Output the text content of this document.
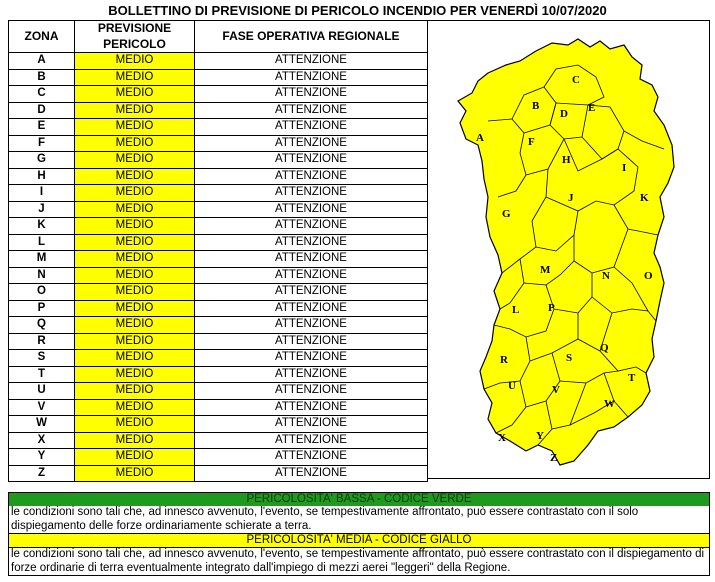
BOLLETTINO DI PREVISIONE DI PERICOLO INCENDIO PER VENERDÌ 10/07/2020
ZONA	PREVISIONE	FASE OPERATIVA REGIONALE
	PERICOLO	
A	MEDIO	ATTENZIONE
B	MEDIO	ATTENZIONE
C	MEDIO	ATTENZIONE
D	MEDIO	ATTENZIONE
E	MEDIO	ATTENZIONE
F	MEDIO	ATTENZIONE
G	MEDIO	ATTENZIONE
H	MEDIO	ATTENZIONE
I	MEDIO	ATTENZIONE
J	MEDIO	ATTENZIONE
K	MEDIO	ATTENZIONE
L	MEDIO	ATTENZIONE
M	MEDIO	ATTENZIONE
N	MEDIO	ATTENZIONE
O	MEDIO	ATTENZIONE
P	MEDIO	ATTENZIONE
Q	MEDIO	ATTENZIONE
R	MEDIO	ATTENZIONE
S	MEDIO	ATTENZIONE
T	MEDIO	ATTENZIONE
U	MEDIO	ATTENZIONE
V	MEDIO	ATTENZIONE
W	MEDIO	ATTENZIONE
X	MEDIO	ATTENZIONE
Y	MEDIO	ATTENZIONE
Z	MEDIO	ATTENZIONE
A
B
C
D E
F
G
H
I
J	K
L
M	N	O
P
Q
R	S
T
U	V
W
X	Y
Z
PERICOLOSITA' BASSA - CODICE VERDE
le condizioni sono tali che, ad innesco avvenuto, l'evento, se tempestivamente affrontato, può essere contrastato con il solo dispiegamento delle forze ordinariamente schierate a terra.
PERICOLOSITA' MEDIA - CODICE GIALLO
le condizioni sono tali che, ad innesco avvenuto, l'evento, se tempestivamente affrontato, può essere contrastato con il dispiegamento di forze ordinarie di terra eventualmente integrato dall'impiego di mezzi aerei "leggeri" della Regione.
